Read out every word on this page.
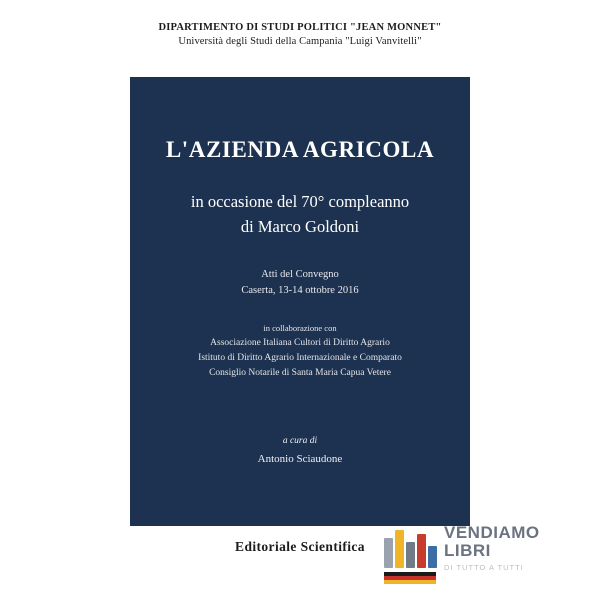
DIPARTIMENTO DI STUDI POLITICI "JEAN MONNET"
Università degli Studi della Campania "Luigi Vanvitelli"
L'AZIENDA AGRICOLA
in occasione del 70° compleanno
di Marco Goldoni
Atti del Convegno
Caserta, 13-14 ottobre 2016
in collaborazione con
Associazione Italiana Cultori di Diritto Agrario
Istituto di Diritto Agrario Internazionale e Comparato
Consiglio Notarile di Santa Maria Capua Vetere
a cura di
Antonio Sciaudone
Editoriale Scientifica
VENDIAMO
LIBRI
DI TUTTO A TUTTI
